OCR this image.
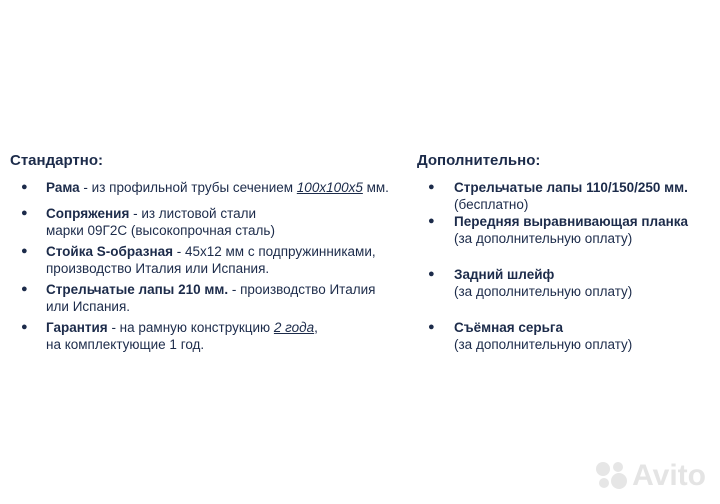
Стандартно:
● Рама - из профильной трубы сечением 100x100x5 мм.
● Сопряжения - из листовой стали
марки 09Г2С (высокопрочная сталь)
● Стойка S-образная - 45x12 мм с подпружинниками,
производство Италия или Испания.
● Стрельчатые лапы 210 мм. - производство Италия
или Испания.
● Гарантия - на рамную конструкцию 2 года,
на комплектующие 1 год.
Дополнительно:
● Стрельчатые лапы 110/150/250 мм.
(бесплатно)
● Передняя выравнивающая планка
(за дополнительную оплату)
● Задний шлейф
(за дополнительную оплату)
● Съёмная серьга
(за дополнительную оплату)
Avito
